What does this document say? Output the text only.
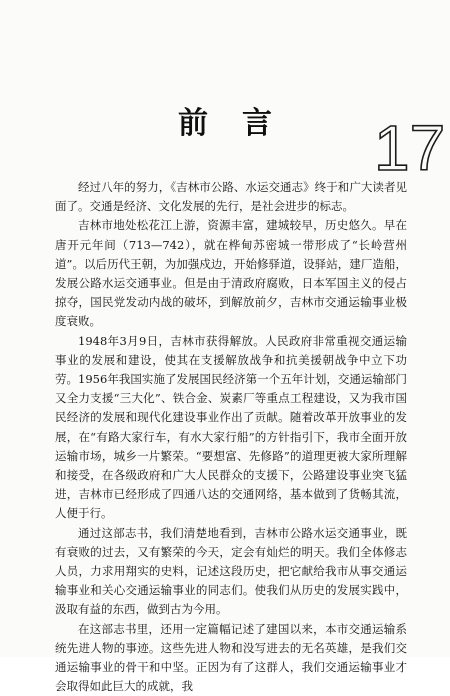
前言	17

经过八年的努力，《吉林市公路、水运交通志》终于和广大读者见面了。交通是经济、文化发展的先行，是社会进步的标志。

吉林市地处松花江上游，资源丰富，建城较早，历史悠久。早在唐开元年间（713—742），就在桦甸苏密城一带形成了“长岭营州道”。以后历代王朝，为加强戍边，开始修驿道，设驿站，建厂造船，发展公路水运交通事业。但是由于清政府腐败，日本军国主义的侵占掠夺，国民党发动内战的破坏，到解放前夕，吉林市交通运输事业极度衰败。

1948年3月9日，吉林市获得解放。人民政府非常重视交通运输事业的发展和建设，使其在支援解放战争和抗美援朝战争中立下功劳。1956年我国实施了发展国民经济第一个五年计划，交通运输部门又全力支援“三大化”、铁合金、炭素厂等重点工程建设，又为我市国民经济的发展和现代化建设事业作出了贡献。随着改革开放事业的发展，在“有路大家行车，有水大家行船”的方针指引下，我市全面开放运输市场，城乡一片繁荣。“要想富、先修路”的道理更被大家所理解和接受，在各级政府和广大人民群众的支援下，公路建设事业突飞猛进，吉林市已经形成了四通八达的交通网络，基本做到了货畅其流，人便于行。

通过这部志书，我们清楚地看到，吉林市公路水运交通事业，既有衰败的过去，又有繁荣的今天，定会有灿烂的明天。我们全体修志人员，力求用翔实的史料，记述这段历史，把它献给我市从事交通运输事业和关心交通运输事业的同志们。使我们从历史的发展实践中，汲取有益的东西，做到古为今用。

在这部志书里，还用一定篇幅记述了建国以来，本市交通运输系统先进人物的事迹。这些先进人物和没写进去的无名英雄，是我们交通运输事业的骨干和中坚。正因为有了这群人，我们交通运输事业才会取得如此巨大的成就，我
